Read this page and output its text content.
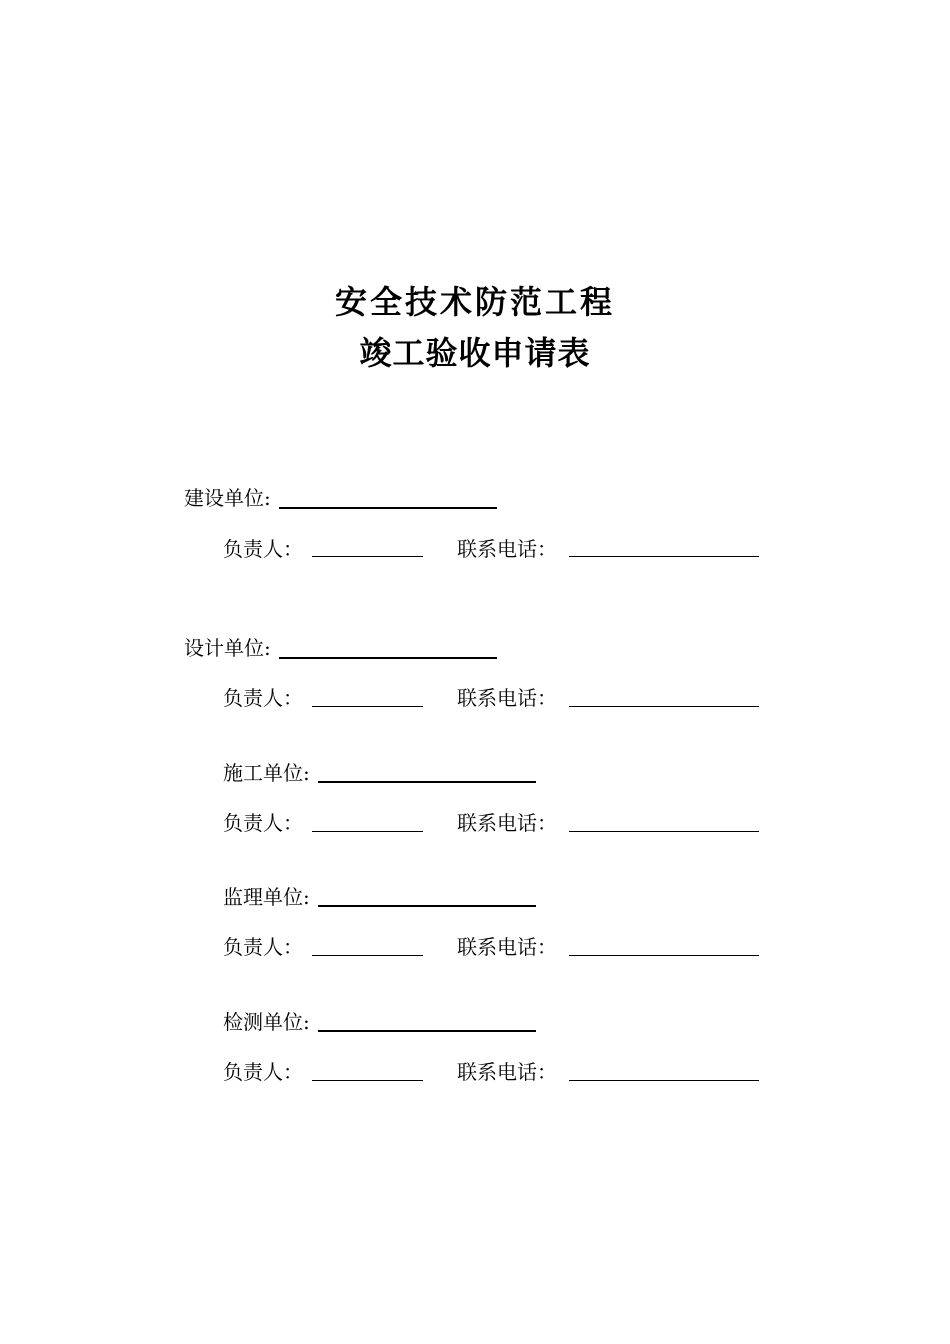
安全技术防范工程
竣工验收申请表
建设单位:
负责人：	联系电话：
设计单位:
负责人：	联系电话：
施工单位:
负责人：	联系电话：
监理单位:
负责人：	联系电话：
检测单位:
负责人：	联系电话：
